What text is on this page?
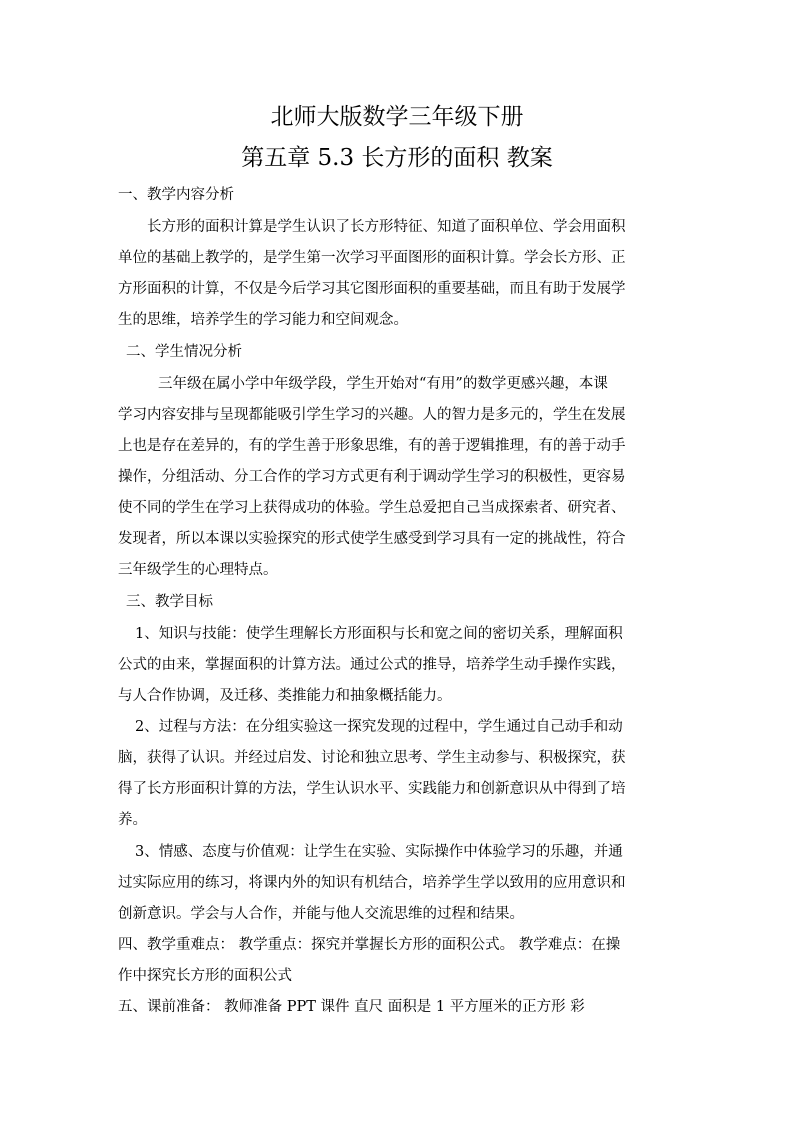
北师大版数学三年级下册
第五章 5.3 长方形的面积 教案
一、教学内容分析
长方形的面积计算是学生认识了长方形特征、知道了面积单位、学会用面积
单位的基础上教学的，是学生第一次学习平面图形的面积计算。学会长方形、正
方形面积的计算，不仅是今后学习其它图形面积的重要基础，而且有助于发展学
生的思维，培养学生的学习能力和空间观念。
二、学生情况分析
三年级在属小学中年级学段，学生开始对“有用”的数学更感兴趣，本课
学习内容安排与呈现都能吸引学生学习的兴趣。人的智力是多元的，学生在发展
上也是存在差异的，有的学生善于形象思维，有的善于逻辑推理，有的善于动手
操作，分组活动、分工合作的学习方式更有利于调动学生学习的积极性，更容易
使不同的学生在学习上获得成功的体验。学生总爱把自己当成探索者、研究者、
发现者，所以本课以实验探究的形式使学生感受到学习具有一定的挑战性，符合
三年级学生的心理特点。
三、教学目标
1、知识与技能：使学生理解长方形面积与长和宽之间的密切关系，理解面积
公式的由来，掌握面积的计算方法。通过公式的推导，培养学生动手操作实践，
与人合作协调，及迁移、类推能力和抽象概括能力。
2、过程与方法：在分组实验这一探究发现的过程中，学生通过自己动手和动
脑，获得了认识。并经过启发、讨论和独立思考、学生主动参与、积极探究，获
得了长方形面积计算的方法，学生认识水平、实践能力和创新意识从中得到了培
养。
3、情感、态度与价值观：让学生在实验、实际操作中体验学习的乐趣，并通
过实际应用的练习，将课内外的知识有机结合，培养学生学以致用的应用意识和
创新意识。学会与人合作，并能与他人交流思维的过程和结果。
四、教学重难点： 教学重点：探究并掌握长方形的面积公式。 教学难点：在操
作中探究长方形的面积公式
五、课前准备： 教师准备 PPT 课件 直尺 面积是 1 平方厘米的正方形 彩
